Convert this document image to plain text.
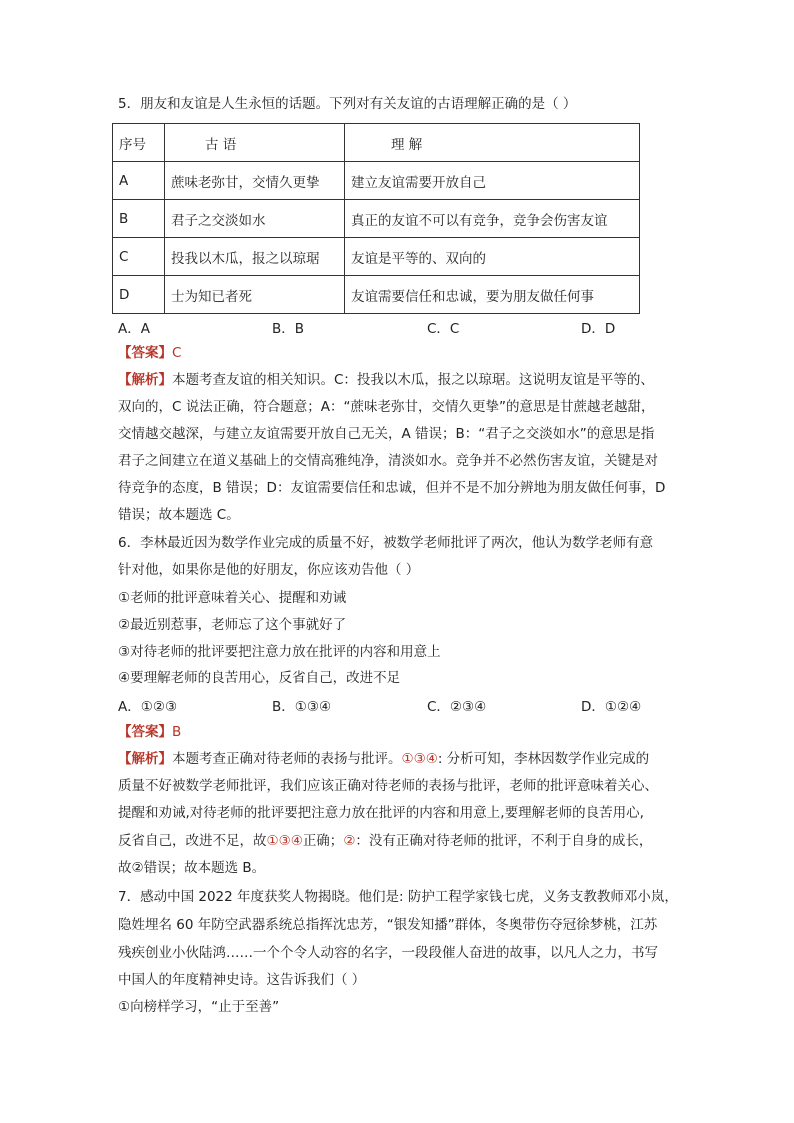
5．朋友和友谊是人生永恒的话题。下列对有关友谊的古语理解正确的是（ ）
序号	古 语	理 解
A	蔗味老弥甘，交情久更挚	建立友谊需要开放自己
B	君子之交淡如水	真正的友谊不可以有竞争，竞争会伤害友谊
C	投我以木瓜，报之以琼琚	友谊是平等的、双向的
D	士为知已者死	友谊需要信任和忠诚，要为朋友做任何事
A．A	B．B	C．C	D．D
【答案】C
【解析】本题考查友谊的相关知识。C：投我以木瓜，报之以琼琚。这说明友谊是平等的、
双向的，C 说法正确，符合题意；A：“蔗味老弥甘，交情久更挚”的意思是甘蔗越老越甜，
交情越交越深，与建立友谊需要开放自己无关，A 错误；B：“君子之交淡如水”的意思是指
君子之间建立在道义基础上的交情高雅纯净，清淡如水。竞争并不必然伤害友谊，关键是对
待竞争的态度，B 错误；D：友谊需要信任和忠诚，但并不是不加分辨地为朋友做任何事，D
错误；故本题选 C。
6．李林最近因为数学作业完成的质量不好，被数学老师批评了两次，他认为数学老师有意
针对他，如果你是他的好朋友，你应该劝告他（ ）
①老师的批评意味着关心、提醒和劝诫
②最近别惹事，老师忘了这个事就好了
③对待老师的批评要把注意力放在批评的内容和用意上
④要理解老师的良苦用心，反省自己，改进不足
A．①②③	B．①③④	C．②③④	D．①②④
【答案】B
【解析】本题考查正确对待老师的表扬与批评。①③④: 分析可知，李林因数学作业完成的
质量不好被数学老师批评，我们应该正确对待老师的表扬与批评，老师的批评意味着关心、
提醒和劝诫,对待老师的批评要把注意力放在批评的内容和用意上,要理解老师的良苦用心,
反省自己，改进不足，故①③④正确；②：没有正确对待老师的批评，不利于自身的成长，
故②错误；故本题选 B。
7．感动中国 2022 年度获奖人物揭晓。他们是: 防护工程学家钱七虎，义务支教教师邓小岚，
隐姓埋名 60 年防空武器系统总指挥沈忠芳，“银发知播”群体，冬奥带伤夺冠徐梦桃，江苏
残疾创业小伙陆鸿……一个个令人动容的名字，一段段催人奋进的故事，以凡人之力，书写
中国人的年度精神史诗。这告诉我们（ ）
①向榜样学习，“止于至善”
